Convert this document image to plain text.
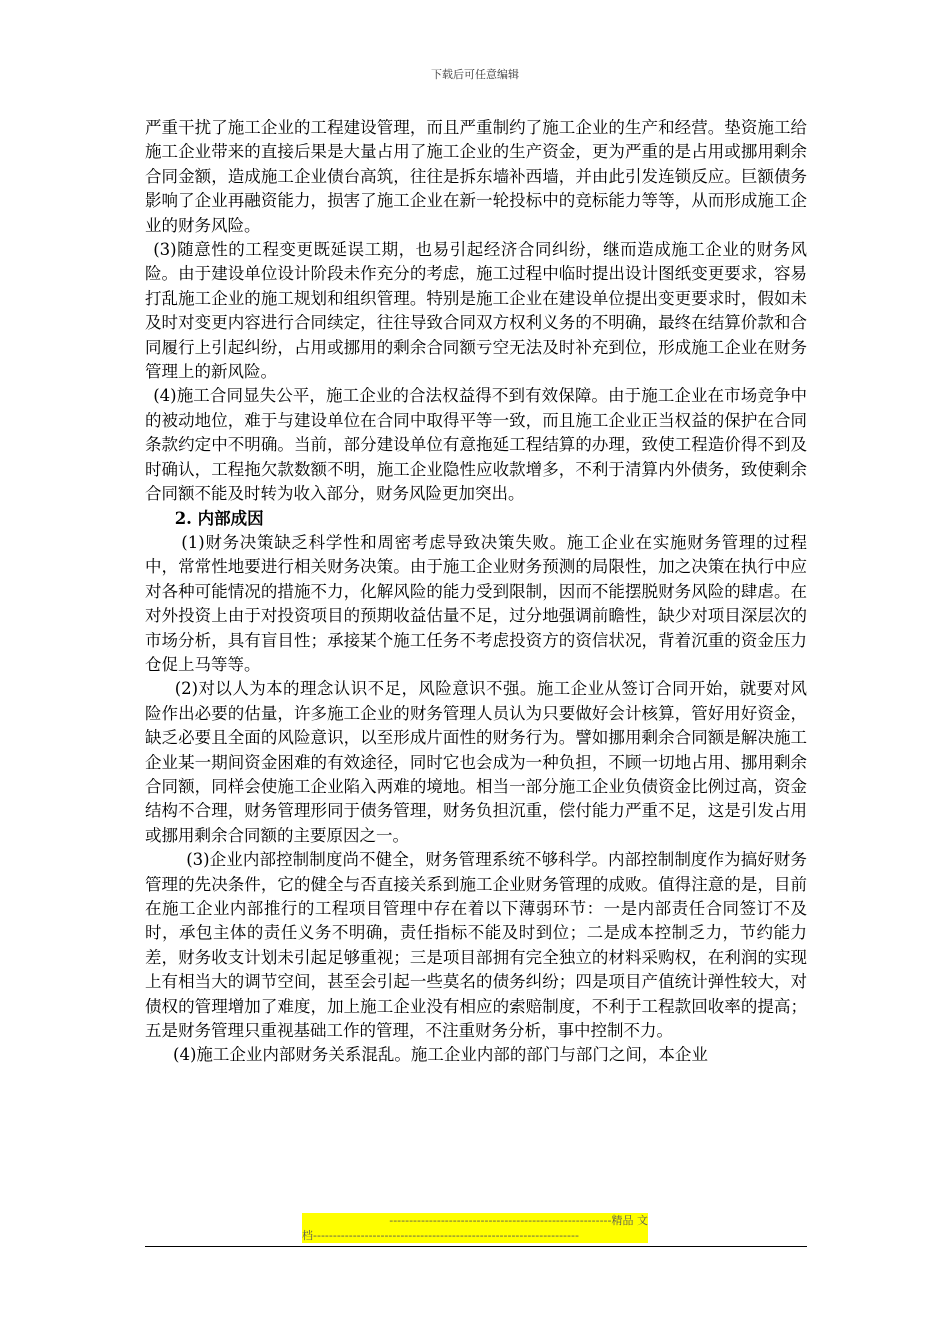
下载后可任意编辑

严重干扰了施工企业的工程建设管理，而且严重制约了施工企业的生产和经营。垫资施工给施工企业带来的直接后果是大量占用了施工企业的生产资金，更为严重的是占用或挪用剩余合同金额，造成施工企业债台高筑，往往是拆东墙补西墙，并由此引发连锁反应。巨额债务影响了企业再融资能力，损害了施工企业在新一轮投标中的竞标能力等等，从而形成施工企业的财务风险。

(3)随意性的工程变更既延误工期，也易引起经济合同纠纷，继而造成施工企业的财务风险。由于建设单位设计阶段未作充分的考虑，施工过程中临时提出设计图纸变更要求，容易打乱施工企业的施工规划和组织管理。特别是施工企业在建设单位提出变更要求时，假如未及时对变更内容进行合同续定，往往导致合同双方权利义务的不明确，最终在结算价款和合同履行上引起纠纷，占用或挪用的剩余合同额亏空无法及时补充到位，形成施工企业在财务管理上的新风险。

(4)施工合同显失公平，施工企业的合法权益得不到有效保障。由于施工企业在市场竞争中的被动地位，难于与建设单位在合同中取得平等一致，而且施工企业正当权益的保护在合同条款约定中不明确。当前，部分建设单位有意拖延工程结算的办理，致使工程造价得不到及时确认，工程拖欠款数额不明，施工企业隐性应收款增多，不利于清算内外债务，致使剩余合同额不能及时转为收入部分，财务风险更加突出。

2. 内部成因

(1)财务决策缺乏科学性和周密考虑导致决策失败。施工企业在实施财务管理的过程中，常常性地要进行相关财务决策。由于施工企业财务预测的局限性，加之决策在执行中应对各种可能情况的措施不力，化解风险的能力受到限制，因而不能摆脱财务风险的肆虐。在对外投资上由于对投资项目的预期收益估量不足，过分地强调前瞻性，缺少对项目深层次的市场分析，具有盲目性；承接某个施工任务不考虑投资方的资信状况，背着沉重的资金压力仓促上马等等。

(2)对以人为本的理念认识不足，风险意识不强。施工企业从签订合同开始，就要对风险作出必要的估量，许多施工企业的财务管理人员认为只要做好会计核算，管好用好资金，缺乏必要且全面的风险意识，以至形成片面性的财务行为。譬如挪用剩余合同额是解决施工企业某一期间资金困难的有效途径，同时它也会成为一种负担，不顾一切地占用、挪用剩余合同额，同样会使施工企业陷入两难的境地。相当一部分施工企业负债资金比例过高，资金结构不合理，财务管理形同于债务管理，财务负担沉重，偿付能力严重不足，这是引发占用或挪用剩余合同额的主要原因之一。

(3)企业内部控制制度尚不健全，财务管理系统不够科学。内部控制制度作为搞好财务管理的先决条件，它的健全与否直接关系到施工企业财务管理的成败。值得注意的是，目前在施工企业内部推行的工程项目管理中存在着以下薄弱环节：一是内部责任合同签订不及时，承包主体的责任义务不明确，责任指标不能及时到位；二是成本控制乏力，节约能力差，财务收支计划未引起足够重视；三是项目部拥有完全独立的材料采购权，在利润的实现上有相当大的调节空间，甚至会引起一些莫名的债务纠纷；四是项目产值统计弹性较大，对债权的管理增加了难度，加上施工企业没有相应的索赔制度，不利于工程款回收率的提高；五是财务管理只重视基础工作的管理，不注重财务分析，事中控制不力。

(4)施工企业内部财务关系混乱。施工企业内部的部门与部门之间，本企业

--------------------------------------------------------精品 文
档-------------------------------------------------------------------
